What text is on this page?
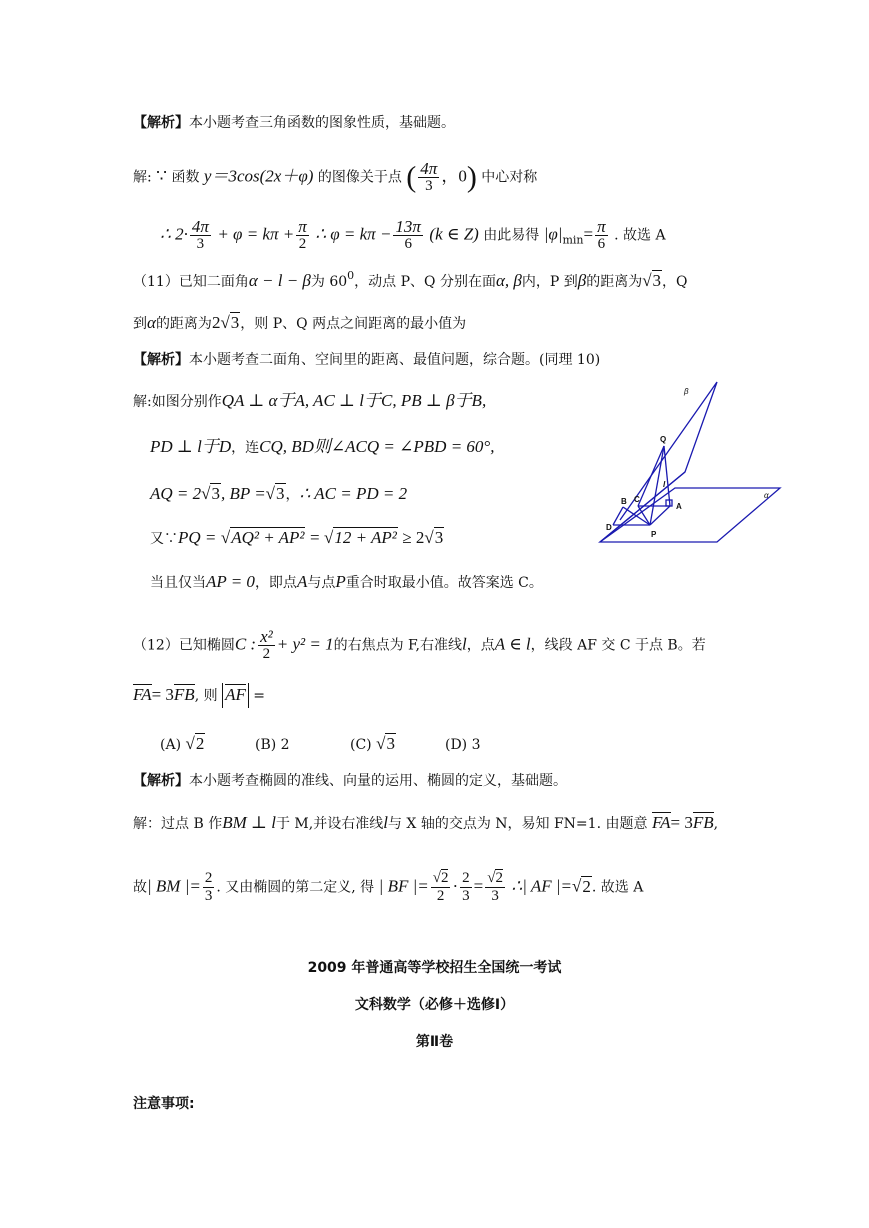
【解析】本小题考查三角函数的图象性质，基础题。
解: ∵ 函数 y＝3cos(2x＋φ) 的图像关于点 ( $\frac{4\pi}{3}$ ，0) 中心对称
∴ $2\cdot \frac{4\pi}{3} + \varphi = k\pi + \frac{\pi}{2}$ ∴ $\varphi = k\pi - \frac{13\pi}{6} (k$ ∈ Z) 由此易得 $|\varphi|_{min}= \frac{\pi}{6}$ . 故选 A
（11）已知二面角α − l − β为 $60^0$，动点 P、Q 分别在面α, β内，P 到β的距离为√3，Q
到α的距离为2√3，则 P、Q 两点之间距离的最小值为
【解析】本小题考查二面角、空间里的距离、最值问题，综合题。(同理 10)
解:如图分别作QA ⊥ α于A, AC ⊥ l于C, PB ⊥ β于B,
PD ⊥ l于D，连CQ, BD则∠ACQ = ∠PBD = 60°,
AQ = 2√3, BP =√3，∴ AC = PD = 2
又∵PQ = √AQ² + AP² = √12 + AP² ≥ 2√3
当且仅当AP = 0，即点A与点P重合时取最小值。故答案选 C。
β
α
Q
B C
A
D
P
l
（12）已知椭圆C : $\frac{\text{x²}}{2} + y^2 = 1$的右焦点为 F,右准线l，点A ∈ l，线段 AF 交 C 于点 B。若
FA= 3FB, 则 AF =
(A) √2	(B) 2	(C) √3	(D) 3
【解析】本小题考查椭圆的准线、向量的运用、椭圆的定义，基础题。
解：过点 B 作BM ⊥ l于 M,并设右准线l与 X 轴的交点为 N，易知 FN=1. 由题意 FA= 3FB,
故| BM |= $\frac{2}{3}$ . 又由椭圆的第二定义, 得 | BF |= $\frac{√2}{2} \cdot \frac{2}{3} = \frac{√2}{3}$ ∴| AF |=√2. 故选 A
2009 年普通高等学校招生全国统一考试
文科数学（必修＋选修Ⅰ）
第Ⅱ卷
注意事项:
